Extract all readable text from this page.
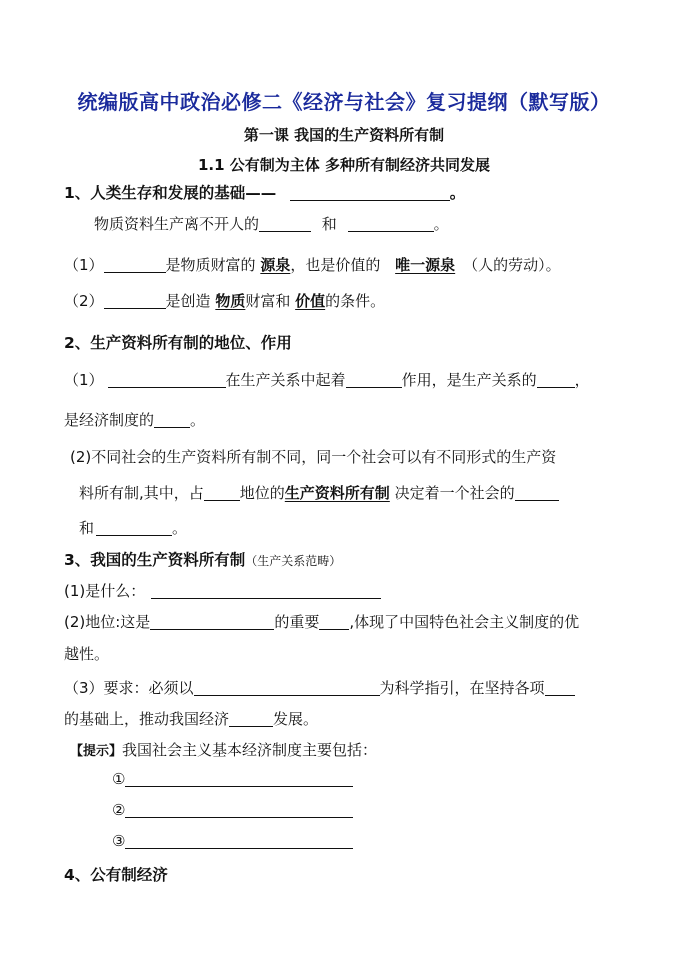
统编版高中政治必修二《经济与社会》复习提纲（默写版）
第一课 我国的生产资料所有制
1.1 公有制为主体 多种所有制经济共同发展
1、人类生存和发展的基础——	。
物质资料生产离不开人的	和	。
（1）	是物质财富的 源泉，也是价值的 唯一源泉 （人的劳动）。
（2）	是创造 物质财富和 价值的条件。
2、生产资料所有制的地位、作用
（1）	在生产关系中起着	作用，是生产关系的	，
是经济制度的 。
(2)不同社会的生产资料所有制不同，同一个社会可以有不同形式的生产资
料所有制,其中，占 地位的生产资料所有制 决定着一个社会的
和	。
3、我国的生产资料所有制（生产关系范畴）
(1)是什么：
(2)地位:这是	的重要 ,体现了中国特色社会主义制度的优
越性。
（3）要求：必须以	为科学指引，在坚持各项
的基础上，推动我国经济	发展。
【提示】我国社会主义基本经济制度主要包括：
①
②
③
4、公有制经济
